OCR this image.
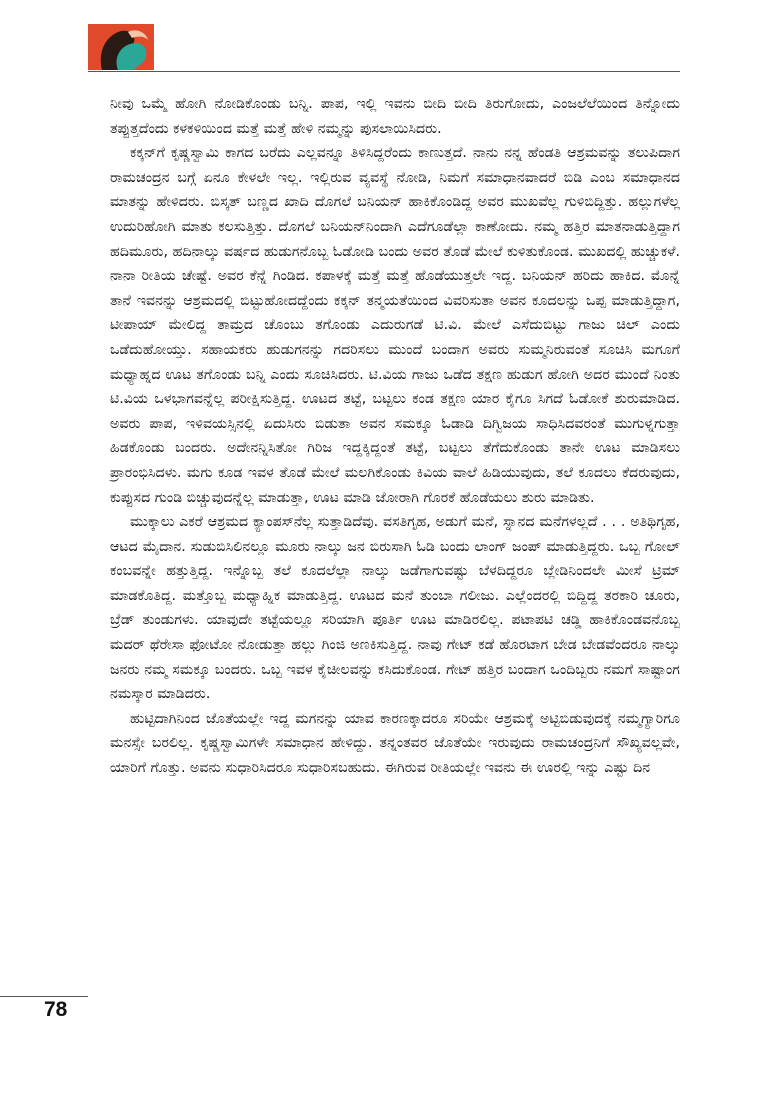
ನೀವು ಒಮ್ಮೆ ಹೋಗಿ ನೋಡಿಕೊಂಡು ಬನ್ನಿ. ಪಾಪ, ಇಲ್ಲಿ ಇವನು ಬೀದಿ ಬೀದಿ ತಿರುಗೋದು, ಎಂಜಲೆಲೆಯಿಂದ ತಿನ್ನೋದು ತಪ್ಪುತ್ತದೆಂದು ಕಳಕಳಿಯಿಂದ ಮತ್ತೆ ಮತ್ತೆ ಹೇಳಿ ನಮ್ಮನ್ನು ಪುಸಲಾಯಿಸಿದರು.

ಕಕ್ಕನ್‌ಗೆ ಕೃಷ್ಣಸ್ವಾಮಿ ಕಾಗದ ಬರೆದು ಎಲ್ಲವನ್ನೂ ತಿಳಿಸಿದ್ದರೆಂದು ಕಾಣುತ್ತದೆ. ನಾನು ನನ್ನ ಹೆಂಡತಿ ಆಶ್ರಮವನ್ನು ತಲುಪಿದಾಗ ರಾಮಚಂದ್ರನ ಬಗ್ಗೆ ಏನೂ ಕೇಳಲೇ ಇಲ್ಲ. ಇಲ್ಲಿರುವ ವ್ಯವಸ್ಥೆ ನೋಡಿ, ನಿಮಗೆ ಸಮಾಧಾನವಾದರೆ ಬಿಡಿ ಎಂಬ ಸಮಾಧಾನದ ಮಾತನ್ನು ಹೇಳಿದರು. ಬಿಸ್ಕತ್ ಬಣ್ಣದ ಖಾದಿ ದೊಗಲೆ ಬನಿಯನ್ ಹಾಕಿಕೊಂಡಿದ್ದ ಅವರ ಮುಖವೆಲ್ಲ ಗುಳಿಬಿದ್ದಿತ್ತು. ಹಲ್ಲುಗಳೆಲ್ಲ ಉದುರಿಹೋಗಿ ಮಾತು ಕಲಸುತ್ತಿತ್ತು. ದೊಗಲೆ ಬನಿಯನ್‌ನಿಂದಾಗಿ ಎದೆಗೂಡೆಲ್ಲಾ ಕಾಣೋದು. ನಮ್ಮ ಹತ್ತಿರ ಮಾತನಾಡುತ್ತಿದ್ದಾಗ ಹದಿಮೂರು, ಹದಿನಾಲ್ಕು ವರ್ಷದ ಹುಡುಗನೊಬ್ಬ ಓಡೋಡಿ ಬಂದು ಅವರ ತೊಡೆ ಮೇಲೆ ಕುಳಿತುಕೊಂಡ. ಮುಖದಲ್ಲಿ ಹುಚ್ಚುಕಳೆ. ನಾನಾ ರೀತಿಯ ಚೇಷ್ಟೆ. ಅವರ ಕೆನ್ನೆ ಗಿಂಡಿದ. ಕಪಾಳಕ್ಕೆ ಮತ್ತೆ ಮತ್ತೆ ಹೊಡೆಯುತ್ತಲೇ ಇದ್ದ. ಬನಿಯನ್ ಹರಿದು ಹಾಕಿದ. ಮೊನ್ನೆ ತಾನೆ ಇವನನ್ನು ಆಶ್ರಮದಲ್ಲಿ ಬಿಟ್ಟುಹೋದದ್ದೆಂದು ಕಕ್ಕನ್ ತನ್ಮಯತೆಯಿಂದ ವಿವರಿಸುತಾ ಅವನ ಕೂದಲನ್ನು ಒಪ್ಪ ಮಾಡುತ್ತಿದ್ದಾಗ, ಟೀಪಾಯ್ ಮೇಲಿದ್ದ ತಾಮ್ರದ ಚೊಂಬು ತಗೊಂಡು ಎದುರುಗಡೆ ಟಿ.ವಿ. ಮೇಲೆ ಎಸೆದುಬಿಟ್ಟು ಗಾಜು ಚಿಲ್ ಎಂದು ಒಡೆದುಹೋಯ್ತು. ಸಹಾಯಕರು ಹುಡುಗನನ್ನು ಗದರಿಸಲು ಮುಂದೆ ಬಂದಾಗ ಅವರು ಸುಮ್ಮನಿರುವಂತೆ ಸೂಚಿಸಿ ಮಗೂಗೆ ಮಧ್ಯಾಹ್ನದ ಊಟ ತಗೊಂಡು ಬನ್ನಿ ಎಂದು ಸೂಚಿಸಿದರು. ಟಿ.ವಿಯ ಗಾಜು ಒಡೆದ ತಕ್ಷಣ ಹುಡುಗ ಹೋಗಿ ಅದರ ಮುಂದೆ ನಿಂತು ಟಿ.ವಿಯ ಒಳಭಾಗವನ್ನೆಲ್ಲ ಪರೀಕ್ಷಿಸುತ್ತಿದ್ದ. ಊಟದ ತಟ್ಟೆ, ಬಟ್ಟಲು ಕಂಡ ತಕ್ಷಣ ಯಾರ ಕೈಗೂ ಸಿಗದೆ ಓಡೋಕೆ ಶುರುಮಾಡಿದ. ಅವರು ಪಾಪ, ಇಳಿವಯಸ್ಸಿನಲ್ಲಿ ಏದುಸಿರು ಬಿಡುತಾ ಅವನ ಸಮಕ್ಕೂ ಓಡಾಡಿ ದಿಗ್ವಿಜಯ ಸಾಧಿಸಿದವರಂತೆ ಮುಗುಳ್ನಗುತ್ತಾ ಹಿಡಕೊಂಡು ಬಂದರು. ಅದೇನನ್ನಿಸಿತೋ ಗಿರಿಜ ಇದ್ದಕ್ಕಿದ್ದಂತೆ ತಟ್ಟೆ, ಬಟ್ಟಲು ತೆಗೆದುಕೊಂಡು ತಾನೇ ಊಟ ಮಾಡಿಸಲು ಪ್ರಾರಂಭಿಸಿದಳು. ಮಗು ಕೂಡ ಇವಳ ತೊಡೆ ಮೇಲೆ ಮಲಗಿಕೊಂಡು ಕಿವಿಯ ವಾಲೆ ಹಿಡಿಯುವುದು, ತಲೆ ಕೂದಲು ಕೆದರುವುದು, ಕುಪ್ಪುಸದ ಗುಂಡಿ ಬಿಚ್ಚುವುದನ್ನೆಲ್ಲ ಮಾಡುತ್ತಾ, ಊಟ ಮಾಡಿ ಜೋರಾಗಿ ಗೊರಕೆ ಹೊಡೆಯಲು ಶುರು ಮಾಡಿತು.

ಮುಕ್ಕಾಲು ಎಕರೆ ಆಶ್ರಮದ ಕ್ಯಾಂಪಸ್‌ನೆಲ್ಲ ಸುತ್ತಾಡಿದೆವು. ವಸತಿಗೃಹ, ಅಡುಗೆ ಮನೆ, ಸ್ನಾನದ ಮನೆಗಳಲ್ಲದೆ . . . ಅತಿಥಿಗೃಹ, ಆಟದ ಮೈದಾನ. ಸುಡುಬಿಸಿಲಿನಲ್ಲೂ ಮೂರು ನಾಲ್ಕು ಜನ ಬಿರುಸಾಗಿ ಓಡಿ ಬಂದು ಲಾಂಗ್ ಜಂಪ್ ಮಾಡುತ್ತಿದ್ದರು. ಒಬ್ಬ ಗೋಲ್ ಕಂಬವನ್ನೇ ಹತ್ತುತ್ತಿದ್ದ. ಇನ್ನೊಬ್ಬ ತಲೆ ಕೂದಲೆಲ್ಲಾ ನಾಲ್ಕು ಜಡೆಗಾಗುವಷ್ಟು ಬೆಳದಿದ್ದರೂ ಬ್ಲೇಡಿನಿಂದಲೇ ಮೀಸೆ ಟ್ರಿಮ್ ಮಾಡಕೊತಿದ್ದ. ಮತ್ತೊಬ್ಬ ಮಧ್ಯಾಹ್ನಿಕ ಮಾಡುತ್ತಿದ್ದ. ಊಟದ ಮನೆ ತುಂಬಾ ಗಲೀಜು. ಎಲ್ಲೆಂದರಲ್ಲಿ ಬಿದ್ದಿದ್ದ ತರಕಾರಿ ಚೂರು, ಬ್ರೆಡ್ ತುಂಡುಗಳು. ಯಾವುದೇ ತಟ್ಟೆಯಲ್ಲೂ ಸರಿಯಾಗಿ ಪೂರ್ತಿ ಊಟ ಮಾಡಿರಲಿಲ್ಲ. ಪಟಾಪಟಿ ಚಡ್ಡಿ ಹಾಕಿಕೊಂಡವನೊಬ್ಬ ಮದರ್ ಥೆರೇಸಾ ಫೋಟೋ ನೋಡುತ್ತಾ ಹಲ್ಲು ಗಿಂಜಿ ಅಣಕಿಸುತ್ತಿದ್ದ. ನಾವು ಗೇಟ್ ಕಡೆ ಹೊರಟಾಗ ಬೇಡ ಬೇಡವೆಂದರೂ ನಾಲ್ಕು ಜನರು ನಮ್ಮ ಸಮಕ್ಕೂ ಬಂದರು. ಒಬ್ಬ ಇವಳ ಕೈಚೀಲವನ್ನು ಕಸಿದುಕೊಂಡ. ಗೇಟ್ ಹತ್ತಿರ ಬಂದಾಗ ಒಂದಿಬ್ಬರು ನಮಗೆ ಸಾಷ್ಟಾಂಗ ನಮಸ್ಕಾರ ಮಾಡಿದರು.

ಹುಟ್ಟಿದಾಗಿನಿಂದ ಜೊತೆಯಲ್ಲೇ ಇದ್ದ ಮಗನನ್ನು ಯಾವ ಕಾರಣಕ್ಕಾದರೂ ಸರಿಯೇ ಆಶ್ರಮಕ್ಕೆ ಅಟ್ಟಿಬಿಡುವುದಕ್ಕೆ ನಮ್ಮಗ್ಯಾರಿಗೂ ಮನಸ್ಸೇ ಬರಲಿಲ್ಲ. ಕೃಷ್ಣಸ್ವಾಮಿಗಳೇ ಸಮಾಧಾನ ಹೇಳಿದ್ದು. ತನ್ನಂತವರ ಜೊತೆಯೇ ಇರುವುದು ರಾಮಚಂದ್ರನಿಗೆ ಸೌಖ್ಯವಲ್ಲವೇ, ಯಾರಿಗೆ ಗೊತ್ತು. ಅವನು ಸುಧಾರಿಸಿದರೂ ಸುಧಾರಿಸಬಹುದು. ಈಗಿರುವ ರೀತಿಯಲ್ಲೇ ಇವನು ಈ ಊರಲ್ಲಿ ಇನ್ನು ಎಷ್ಟು ದಿನ

78
